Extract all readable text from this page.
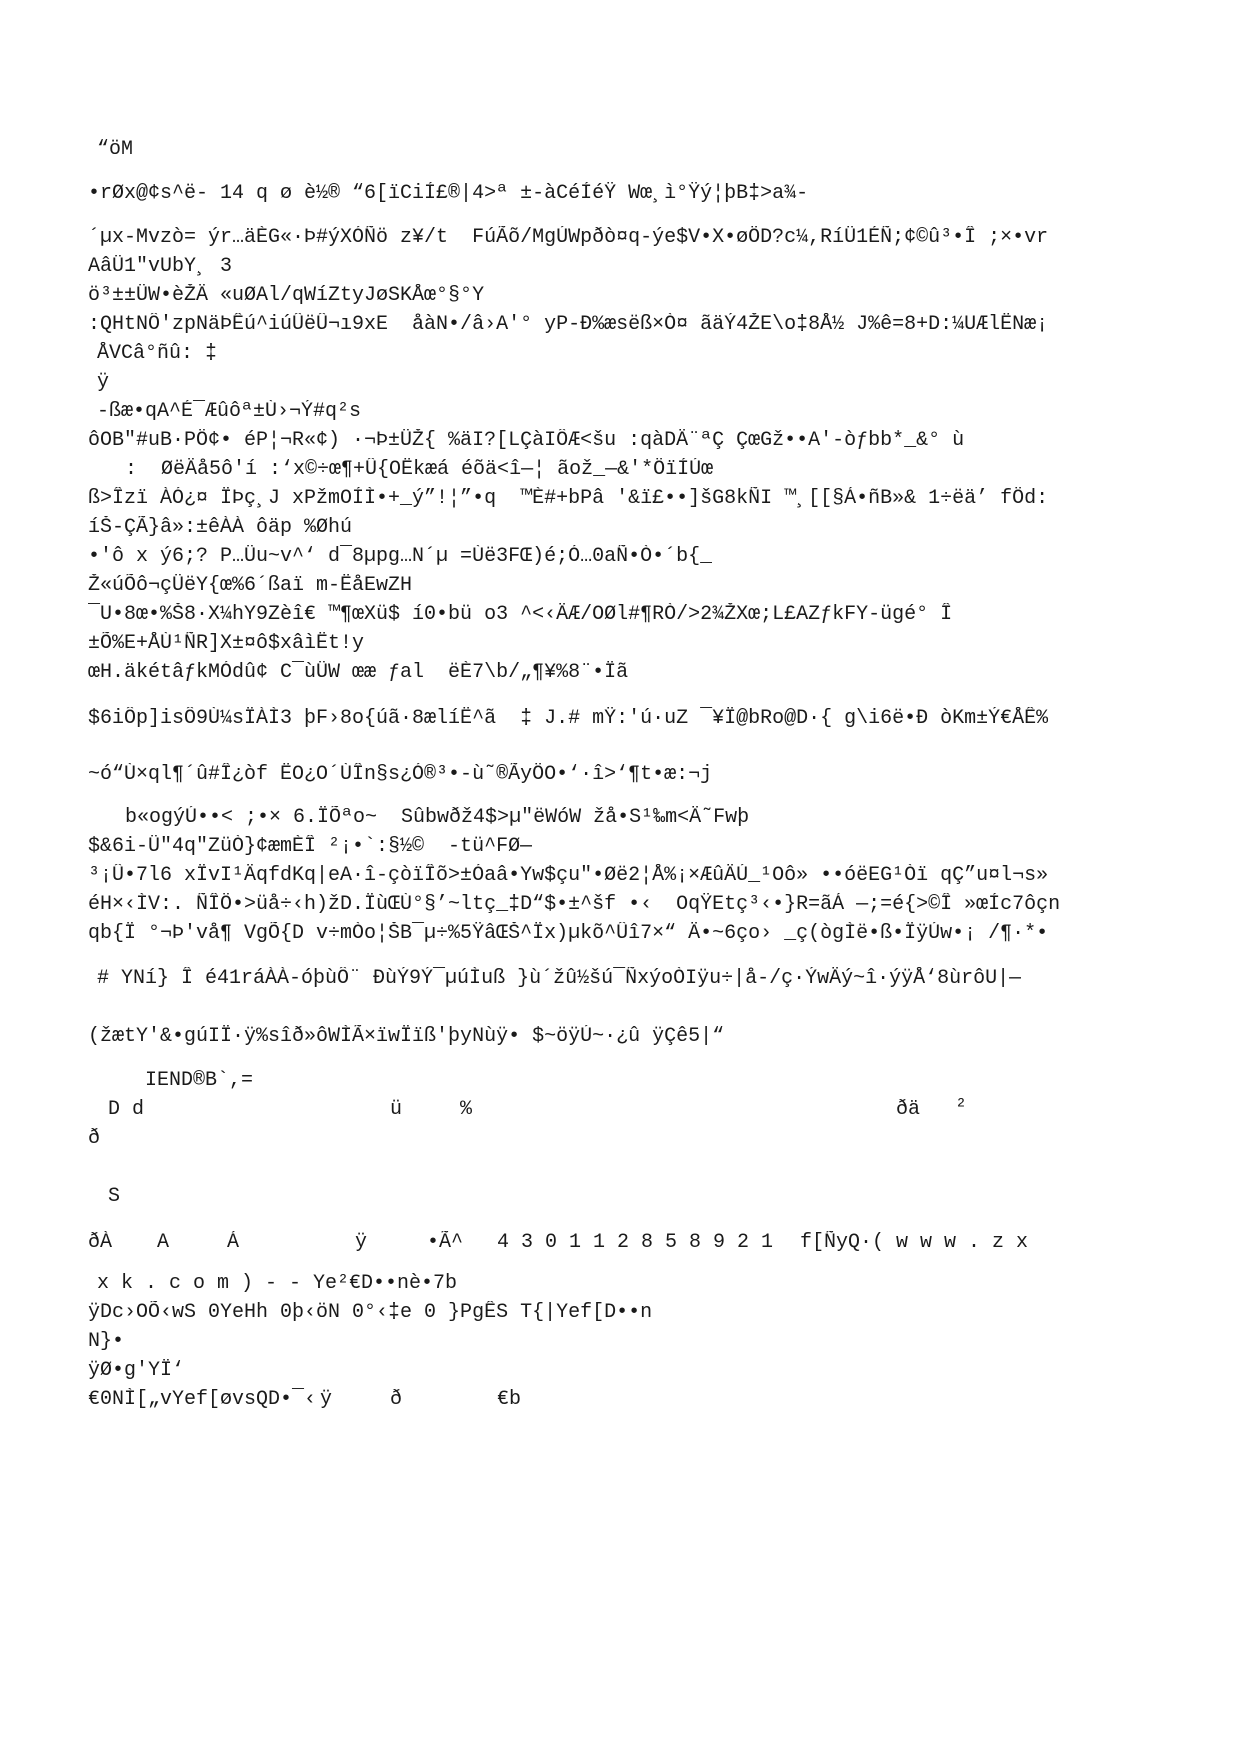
“öM
•rØx@¢s^ë- 14 q ø è½® “6[ïCiÍ£®|4>ª ±-àCéÍéŸ Wœ¸ì°Ÿý¦þB‡>a¾-
´µx-Mvzò= ýr…äÈG«·Þ#ýXÓÑö z¥/t  FúÃõ/MgÚWpðò¤q-ýe$V•X•øÖD?c¼,RíÜ1ÉÑ;¢©û³•Î ;×•vr
AâÜ1"vUbY¸ 3
ö³±±ÜW•èŽÄ «uØAl/qWíZtyJøSKÅœ°§°Y
:QHtNÔ'zpNäÞÊú^iúÛëÛ¬ı9xE  åàN•/â›A'° yP-Ð%æsëß×Ò¤ ãäÝ4ŽE\o‡8Å½ J%ê=8+D:¼UÆlËNæ¡
ÅVCâ°ñû: ‡
ÿ
-ßæ•qA^É¯Æûôª±Ù›¬Ý#q²s
ôOB"#uB·PÖ¢• éP¦¬R«¢) ·¬Þ±ÜŽ{ %äI?[LÇàIÔÆ<šu :qàDÄ¨ªÇ ÇœGž••A'-òƒbb*_&° ù
:  ØëÄå5ô'í :‘x©÷œ¶+Û{OËkæá éõä<î—¦ ãož_—&'*ÖïÍÚœ
ß>Îzï ÀÓ¿¤ ÏÞç¸J xPžmOÍÌ•+_ý”!¦”•q  ™È#+bPâ '&ï£••]šG8kÑI ™¸[[§Á•ñB»& 1÷ëä’ fÖd:
íŠ-ÇÃ}â»:±êÀÀ ôäp %Øhú
•'ô x ý6;? P…Üu~v^‘ d¯8µpg…N´µ =Ùë3FŒ)é;Ó…0aÑ•Ò•´b{_
Ž«úÕô¬çÜëY{œ%6´ßaï m-ËåEwZH
¯U•8œ•%Š8·X¼hY9Zèî€ ™¶œXü$ í0•bü o3 ^<‹ÄÆ/OØl#¶RÒ/>2¾ŽXœ;L£AZƒkFY-ügé° Î
±Õ%E+ÅÙ¹ÑR]X±¤ô$xâìËt!y
œH.äkétâƒkMÓdû¢ C¯ùÜW œæ ƒal  ëÈ7\b/„¶¥%8¨•Ïã
$6iÔp]isÔ9Ù¼sÏÀÌ3 þF›8o{úã·8ælíË^ã  ‡ J.# mŸ:'ú·uZ ¯¥Ï@bRo@D·{ g\i6ë•Ð òKm±Ý€ÅÊ%
~ó“Ù×ql¶´û#Î¿òf ËO¿O´ÙÎn§s¿Ó®³•-ù˜®ÃyÖO•‘·î>‘¶t•æ:¬j
b«ogýÚ••< ;•× 6.ÏÕªo~  Sûbwðž4$>µ"ëWóW žå•S¹‰m<Ä˜Fwþ
$&6i-Ü"4q"ZüÒ}¢æmÈÎ ²¡•`:§½©  -tü^FØ—
³¡Û•7l6 xÏvI¹ÄqfdKq|eA·î-çòïÎõ>±Óaâ•Yw$çu"•Øë2¦Å%¡×ÆûÄÚ_¹Oô» ••óëEG¹Òï qÇ”u¤l¬s»
éH×‹ÌV:. ÑÎÖ•>üå÷‹h)žD.ÏùŒÙ°§’~ltç_‡D“$•±^šf •‹  OqŸEtç³‹•}R=ãÁ —;=é{>©Î »œÍc7ôçn
qb{Ï °¬Þ'vå¶ VgÕ{D v÷mÒo¦ŠB¯µ÷%5ŸâŒŠ^Ïx)µkõ^Ûî7×“ Ä•~6ço› _ç(ògÌë•ß•ÏÿÚw•¡ /¶·*•
# YNí} Î é41ráÀÀ-óþùÔ¨ ÐùÝ9Ý¯µúÌuß }ù´žû½šú¯ÑxýoÒIÿu÷|å-/ç·ÝwÄý~î·ýÿÅ‘8ùrôU|—
(žætY'&•gúIÏ·ÿ%sîð»ôWÌÃ×ïwÏïß'þyNùÿ• $~öÿÚ~·¿û ÿÇê5|“
IEND®B`,=
D d	ü	%	ðä ²
ð
S
ðÀ A	Á	ÿ	•Ã^ 4 3 0 1 1 2 8 5 8 9 2 1 f[ÑyQ·( w w w . z x
x k . c o m ) - - Ye²€D••nè•7b
ÿDc›OÕ‹wS 0YeHh 0þ‹öN 0°‹‡e 0 }PgÊS T{|Yef[D••n
N}•
ÿØ•g'YÏ‘
€0NÌ[„vYef[øvsQD•¯‹ ÿ	ð	€b
